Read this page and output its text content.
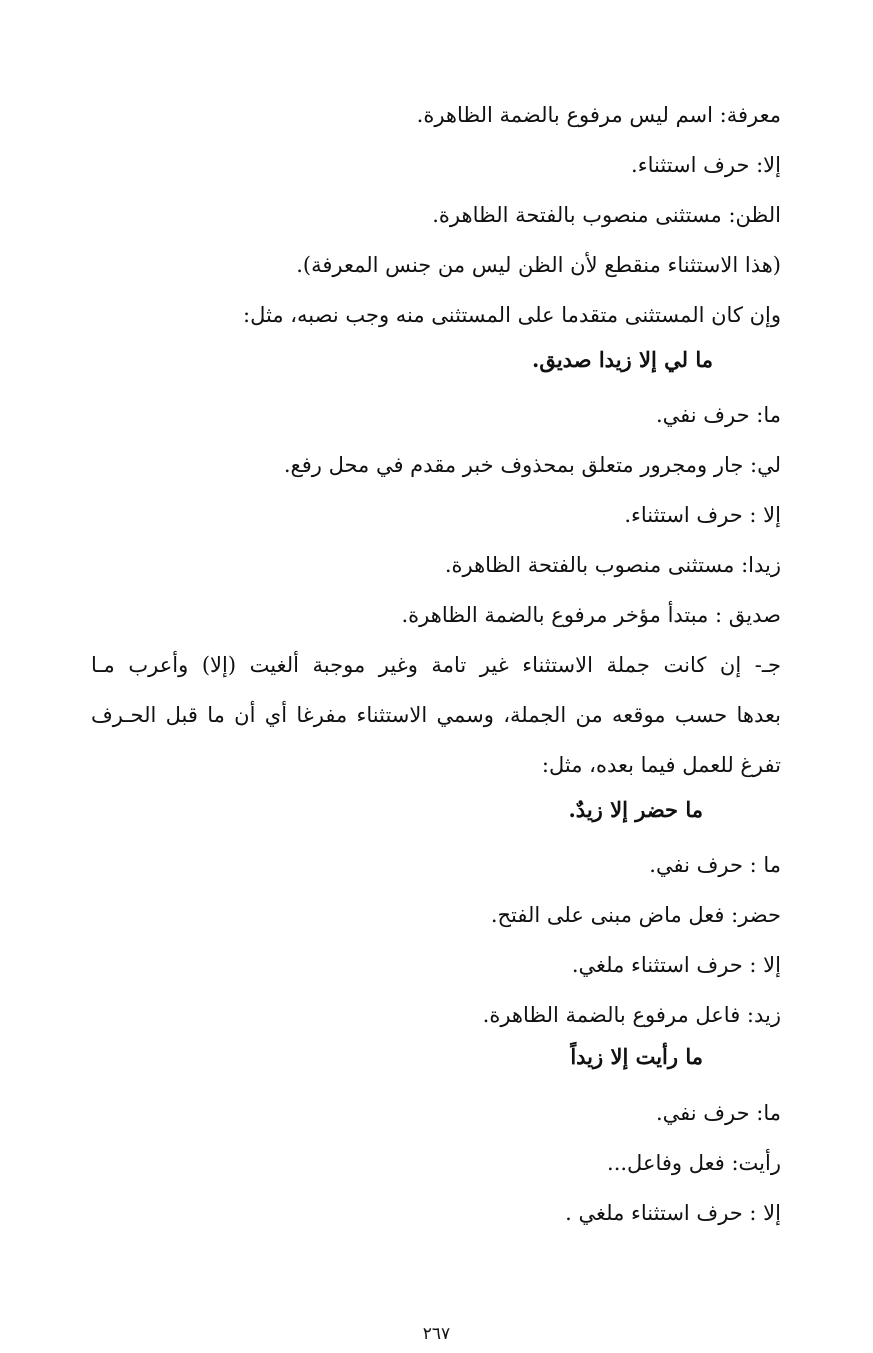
معرفة: اسم ليس مرفوع بالضمة الظاهرة.
إلا: حرف استثناء.
الظن: مستثنى منصوب بالفتحة الظاهرة.
(هذا الاستثناء منقطع لأن الظن ليس من جنس المعرفة).
وإن كان المستثنى متقدما على المستثنى منه وجب نصبه، مثل:
ما لي إلا زيدا صديق.
ما: حرف نفي.
لي: جار ومجرور متعلق بمحذوف خبر مقدم في محل رفع.
إلا : حرف استثناء.
زيدا: مستثنى منصوب بالفتحة الظاهرة.
صديق : مبتدأ مؤخر مرفوع بالضمة الظاهرة.
جـ- إن كانت جملة الاستثناء غير تامة وغير موجبة ألغيت (إلا) وأعرب مـا
بعدها حسب موقعه من الجملة، وسمي الاستثناء مفرغا أي أن ما قبل الحـرف
تفرغ للعمل فيما بعده، مثل:
ما حضر إلا زيدٌ.
ما : حرف نفي.
حضر: فعل ماض مبنى على الفتح.
إلا : حرف استثناء ملغي.
زيد: فاعل مرفوع بالضمة الظاهرة.
ما رأيت إلا زيداً
ما: حرف نفي.
رأيت: فعل وفاعل...
إلا : حرف استثناء ملغي .
٢٦٧
